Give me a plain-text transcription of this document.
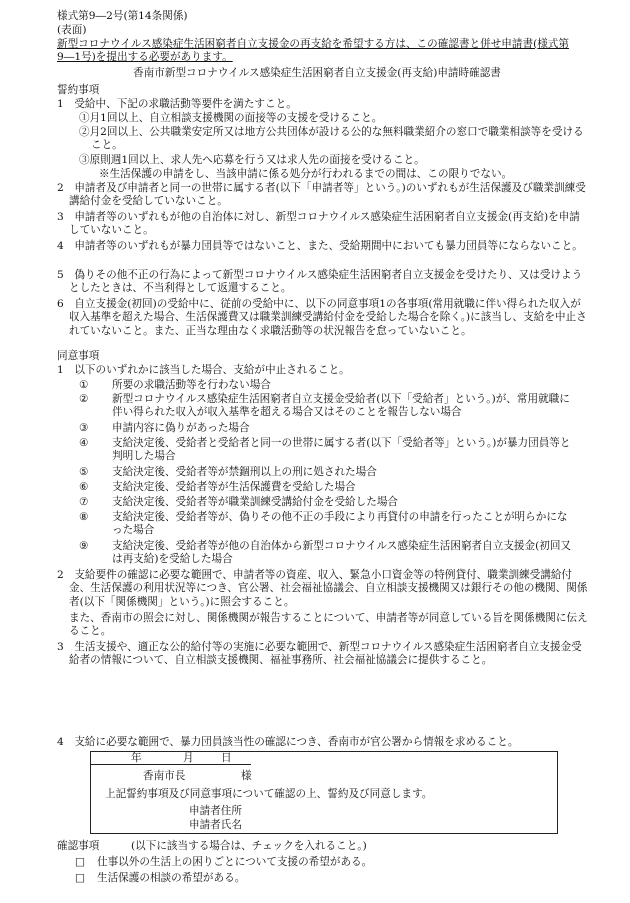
様式第9―2号(第14条関係)
(表面)
新型コロナウイルス感染症生活困窮者自立支援金の再支給を希望する方は、この確認書と併せ申請書(様式第9―1号)を提出する必要があります。
香南市新型コロナウイルス感染症生活困窮者自立支援金(再支給)申請時確認書
誓約事項
1　受給中、下記の求職活動等要件を満たすこと。
①月1回以上、自立相談支援機関の面接等の支援を受けること。
②月2回以上、公共職業安定所又は地方公共団体が設ける公的な無料職業紹介の窓口で職業相談等を受けること。
③原則週1回以上、求人先へ応募を行う又は求人先の面接を受けること。
※生活保護の申請をし、当該申請に係る処分が行われるまでの間は、この限りでない。
2　申請者及び申請者と同一の世帯に属する者(以下「申請者等」という。)のいずれもが生活保護及び職業訓練受講給付金を受給していないこと。
3　申請者等のいずれもが他の自治体に対し、新型コロナウイルス感染症生活困窮者自立支援金(再支給)を申請していないこと。
4　申請者等のいずれもが暴力団員等ではないこと、また、受給期間中においても暴力団員等にならないこと。
5　偽りその他不正の行為によって新型コロナウイルス感染症生活困窮者自立支援金を受けたり、又は受けようとしたときは、不当利得として返還すること。
6　自立支援金(初回)の受給中に、従前の受給中に、以下の同意事項1の各事項(常用就職に伴い得られた収入が収入基準を超えた場合、生活保護費又は職業訓練受講給付金を受給した場合を除く。)に該当し、支給を中止されていないこと。また、正当な理由なく求職活動等の状況報告を怠っていないこと。
同意事項
1　以下のいずれかに該当した場合、支給が中止されること。
①	所要の求職活動等を行わない場合
②	新型コロナウイルス感染症生活困窮者自立支援金受給者(以下「受給者」という。)が、常用就職に伴い得られた収入が収入基準を超える場合又はそのことを報告しない場合
③	申請内容に偽りがあった場合
④	支給決定後、受給者と受給者と同一の世帯に属する者(以下「受給者等」という。)が暴力団員等と判明した場合
⑤	支給決定後、受給者等が禁錮刑以上の刑に処された場合
⑥	支給決定後、受給者等が生活保護費を受給した場合
⑦	支給決定後、受給者等が職業訓練受講給付金を受給した場合
⑧	支給決定後、受給者等が、偽りその他不正の手段により再貸付の申請を行ったことが明らかになった場合
⑨	支給決定後、受給者等が他の自治体から新型コロナウイルス感染症生活困窮者自立支援金(初回又は再支給)を受給した場合
2　支給要件の確認に必要な範囲で、申請者等の資産、収入、緊急小口資金等の特例貸付、職業訓練受講給付金、生活保護の利用状況等につき、官公署、社会福祉協議会、自立相談支援機関又は銀行その他の機関、関係者(以下「関係機関」という。)に照会すること。
また、香南市の照会に対し、関係機関が報告することについて、申請者等が同意している旨を関係機関に伝えること。
3　生活支援や、適正な公的給付等の実施に必要な範囲で、新型コロナウイルス感染症生活困窮者自立支援金受給者の情報について、自立相談支援機関、福祉事務所、社会福祉協議会に提供すること。
4　支給に必要な範囲で、暴力団員該当性の確認につき、香南市が官公署から情報を求めること。
年	月	日
香南市長	様
上記誓約事項及び同意事項について確認の上、誓約及び同意します。
申請者住所
申請者氏名
確認事項	(以下に該当する場合は、チェックを入れること。)
□ 仕事以外の生活上の困りごとについて支援の希望がある。
□ 生活保護の相談の希望がある。
